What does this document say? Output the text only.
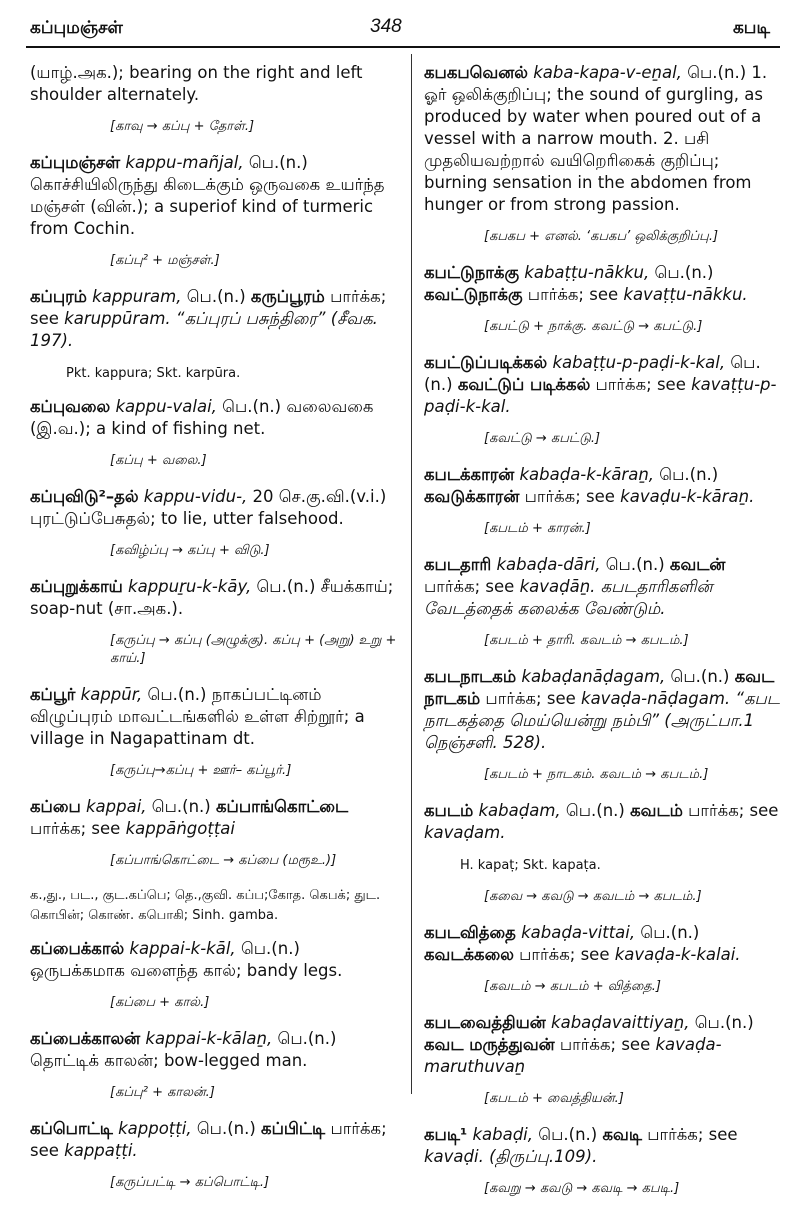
கப்புமஞ்சள்	348	கபடி

(யாழ்.அக.); bearing on the right and left shoulder alternately.

[காவு → கப்பு + தோள்.]

கப்புமஞ்சள் kappu-mañjal, பெ.(n.) கொச்சியிலிருந்து கிடைக்கும் ஒருவகை உயர்ந்த மஞ்சள் (வின்.); a superiof kind of turmeric from Cochin.

[கப்பு² + மஞ்சள்.]

கப்புரம் kappuram, பெ.(n.) கருப்பூரம் பார்க்க; see karuppūram. “கப்புரப் பசுந்திரை” (சீவக. 197).

Pkt. kappura; Skt. karpūra.

கப்புவலை kappu-valai, பெ.(n.) வலைவகை (இ.வ.); a kind of fishing net.

[கப்பு + வலை.]

கப்புவிடு²–தல் kappu-vidu-, 20 செ.கு.வி.(v.i.) புரட்டுப்பேசுதல்; to lie, utter falsehood.

[கவிழ்ப்பு → கப்பு + விடு.]

கப்புறுக்காய் kappuṟu-k-kāy, பெ.(n.) சீயக்காய்; soap-nut (சா.அக.).

[கருப்பு → கப்பு (அழுக்கு). கப்பு + (அறு) உறு + காய்.]

கப்பூர் kappūr, பெ.(n.) நாகப்பட்டினம் விழுப்புரம் மாவட்டங்களில் உள்ள சிற்றூர்; a village in Nagapattinam dt.

[கருப்பு→கப்பு + ஊர்– கப்பூர்.]

கப்பை kappai, பெ.(n.) கப்பாங்கொட்டை பார்க்க; see kappāṅgoṭṭai

[கப்பாங்கொட்டை → கப்பை (மரூஉ.)]

க.,து., பட., குட.கப்பெ; தெ.,குவி. கப்ப;கோத. கெபக்; துட. கொபின்; கொண். கபொகி; Sinh. gamba.

கப்பைக்கால் kappai-k-kāl, பெ.(n.) ஒருபக்கமாக வளைந்த கால்; bandy legs.

[கப்பை + கால்.]

கப்பைக்காலன் kappai-k-kālaṉ, பெ.(n.) தொட்டிக் காலன்; bow-legged man.

[கப்பு² + காலன்.]

கப்பொட்டி kappoṭṭi, பெ.(n.) கப்பிட்டி பார்க்க; see kappaṭṭi.

[கருப்பட்டி → கப்பொட்டி.]

கபகபவெனல் kaba-kapa-v-eṉal, பெ.(n.) 1. ஓர் ஒலிக்குறிப்பு; the sound of gurgling, as produced by water when poured out of a vessel with a narrow mouth. 2. பசி முதலியவற்றால் வயிறெரிகைக் குறிப்பு; burning sensation in the abdomen from hunger or from strong passion.

[கபகப + எனல். ‘கபகப’ ஒலிக்குறிப்பு.]

கபட்டுநாக்கு kabaṭṭu-nākku, பெ.(n.) கவட்டுநாக்கு பார்க்க; see kavaṭṭu-nākku.

[கபட்டு + நாக்கு. கவட்டு → கபட்டு.]

கபட்டுப்படிக்கல் kabaṭṭu-p-paḍi-k-kal, பெ.(n.) கவட்டுப் படிக்கல் பார்க்க; see kavaṭṭu-p-paḍi-k-kal.

[கவட்டு → கபட்டு.]

கபடக்காரன் kabaḍa-k-kāraṉ, பெ.(n.) கவடுக்காரன் பார்க்க; see kavaḍu-k-kāraṉ.

[கபடம் + காரன்.]

கபடதாரி kabaḍa-dāri, பெ.(n.) கவடன் பார்க்க; see kavaḍāṉ. கபடதாரிகளின் வேடத்தைக் கலைக்க வேண்டும்.

[கபடம் + தாரி. கவடம் → கபடம்.]

கபடநாடகம் kabaḍanāḍagam, பெ.(n.) கவட நாடகம் பார்க்க; see kavaḍa-nāḍagam. “கபட நாடகத்தை மெய்யென்று நம்பி” (அருட்பா.1 நெஞ்சளி. 528).

[கபடம் + நாடகம். கவடம் → கபடம்.]

கபடம் kabaḍam, பெ.(n.) கவடம் பார்க்க; see kavaḍam.

H. kapaṭ; Skt. kapaṭa.

[கவை → கவடு → கவடம் → கபடம்.]

கபடவித்தை kabaḍa-vittai, பெ.(n.) கவடக்கலை பார்க்க; see kavaḍa-k-kalai.

[கவடம் → கபடம் + வித்தை.]

கபடவைத்தியன் kabaḍavaittiyaṉ, பெ.(n.) கவட மருத்துவன் பார்க்க; see kavaḍa-maruthuvaṉ

[கபடம் + வைத்தியன்.]

கபடி¹ kabaḍi, பெ.(n.) கவடி பார்க்க; see kavaḍi. (திருப்பு.109).

[கவறு → கவடு → கவடி → கபடி.]
